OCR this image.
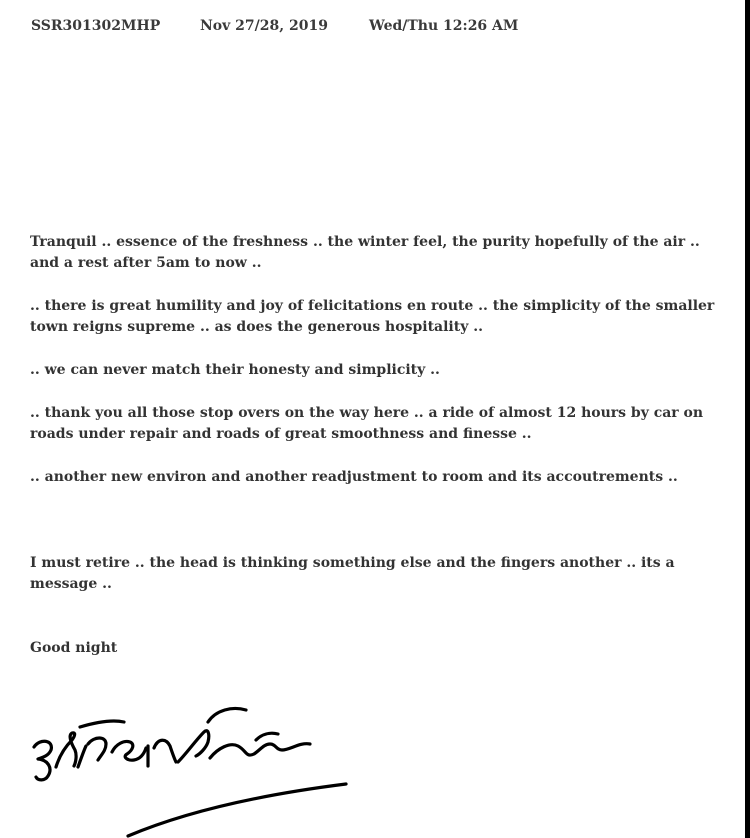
SSR301302MHP	Nov 27/28, 2019	Wed/Thu 12:26 AM

Tranquil .. essence of the freshness .. the winter feel, the purity hopefully of the air .. and a rest after 5am to now ..

.. there is great humility and joy of felicitations en route .. the simplicity of the smaller town reigns supreme .. as does the generous hospitality ..

.. we can never match their honesty and simplicity ..

.. thank you all those stop overs on the way here .. a ride of almost 12 hours by car on roads under repair and roads of great smoothness and finesse ..

.. another new environ and another readjustment to room and its accoutrements ..

I must retire .. the head is thinking something else and the fingers another .. its a message ..

Good night
